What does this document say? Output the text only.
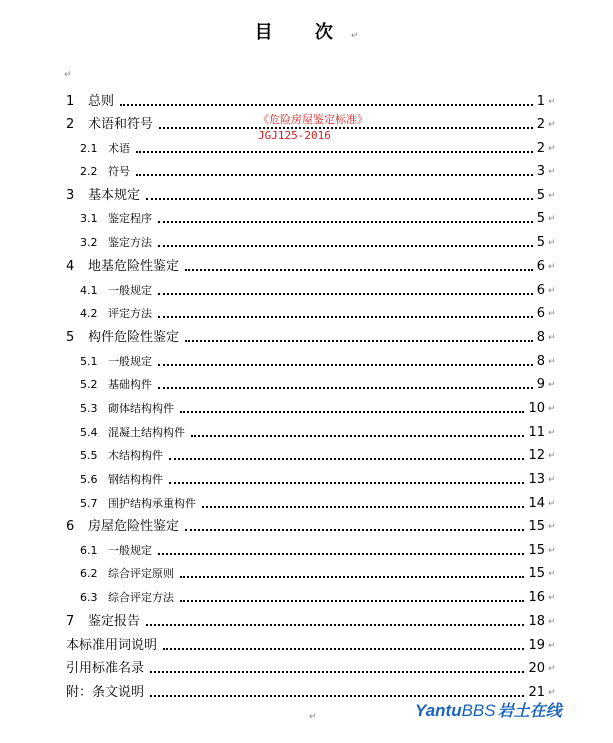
目 次↵
↵
1 总则	1 ↵
2 术语和符号	2 ↵
2.1 术语	2 ↵
2.2 符号	3 ↵
3 基本规定	5 ↵
3.1 鉴定程序	5 ↵
3.2 鉴定方法	5 ↵
4 地基危险性鉴定	6 ↵
4.1 一般规定	6 ↵
4.2 评定方法	6 ↵
5 构件危险性鉴定	8 ↵
5.1 一般规定	8 ↵
5.2 基础构件	9 ↵
5.3 砌体结构构件	10 ↵
5.4 混凝土结构构件	11 ↵
5.5 木结构构件	12 ↵
5.6 钢结构构件	13 ↵
5.7 围护结构承重构件	14 ↵
6 房屋危险性鉴定	15 ↵
6.1 一般规定	15 ↵
6.2 综合评定原则	15 ↵
6.3 综合评定方法	16 ↵
7 鉴定报告	18 ↵
本标准用词说明	19 ↵
引用标准名录	20 ↵
附：条文说明	21 ↵
《危险房屋鉴定标准》
JGJ125-2016
↵	YantuBBS 岩土在线
